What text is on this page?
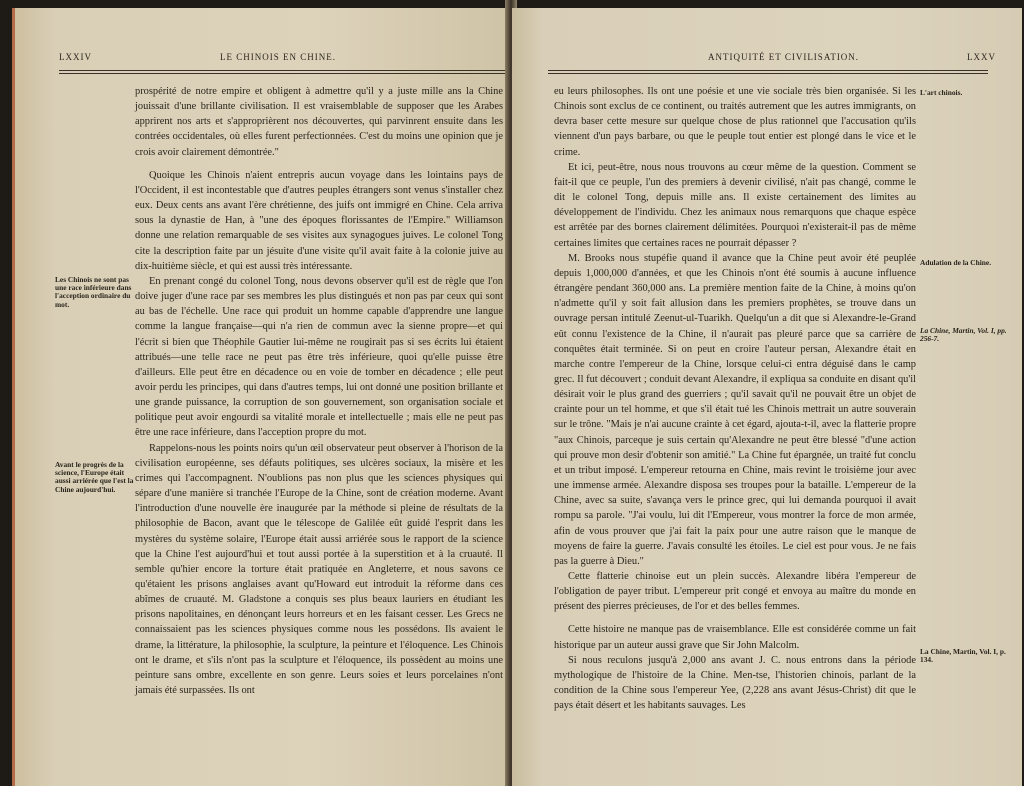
LXXIV	LE CHINOIS EN CHINE.
Les Chinois ne sont pas une race inférieure dans l'acception ordinaire du mot.
Avant le progrès de la science, l'Europe était aussi arriérée que l'est la Chine aujourd'hui.

prospérité de notre empire et obligent à admettre qu'il y a juste mille ans la Chine jouissait d'une brillante civilisation. Il est vraisemblable de supposer que les Arabes apprirent nos arts et s'approprièrent nos découvertes, qui parvinrent ensuite dans les contrées occidentales, où elles furent perfectionnées. C'est du moins une opinion que je crois avoir clairement démontrée."

Quoique les Chinois n'aient entrepris aucun voyage dans les lointains pays de l'Occident, il est incontestable que d'autres peuples étrangers sont venus s'installer chez eux. Deux cents ans avant l'ère chrétienne, des juifs ont immigré en Chine. Cela arriva sous la dynastie de Han, à "une des époques florissantes de l'Empire." Williamson donne une relation remarquable de ses visites aux synagogues juives. Le colonel Tong cite la description faite par un jésuite d'une visite qu'il avait faite à la colonie juive au dix-huitième siècle, et qui est aussi très intéressante.

En prenant congé du colonel Tong, nous devons observer qu'il est de règle que l'on doive juger d'une race par ses membres les plus distingués et non pas par ceux qui sont au bas de l'échelle. Une race qui produit un homme capable d'apprendre une langue comme la langue française—qui n'a rien de commun avec la sienne propre—et qui l'écrit si bien que Théophile Gautier lui-même ne rougirait pas si ses écrits lui étaient attribués—une telle race ne peut pas être très inférieure, quoi qu'elle puisse être d'ailleurs. Elle peut être en décadence ou en voie de tomber en décadence ; elle peut avoir perdu les principes, qui dans d'autres temps, lui ont donné une position brillante et une grande puissance, la corruption de son gouvernement, son organisation sociale et politique peut avoir engourdi sa vitalité morale et intellectuelle ; mais elle ne peut pas être une race inférieure, dans l'acception propre du mot.

Rappelons-nous les points noirs qu'un œil observateur peut observer à l'horison de la civilisation européenne, ses défauts politiques, ses ulcères sociaux, la misère et les crimes qui l'accompagnent. N'oublions pas non plus que les sciences physiques qui sépare d'une manière si tranchée l'Europe de la Chine, sont de création moderne. Avant l'introduction d'une nouvelle ère inaugurée par la méthode si pleine de résultats de la philosophie de Bacon, avant que le télescope de Galilée eût guidé l'esprit dans les mystères du système solaire, l'Europe était aussi arriérée sous le rapport de la science que la Chine l'est aujourd'hui et tout aussi portée à la superstition et à la cruauté. Il semble qu'hier encore la torture était pratiquée en Angleterre, et nous savons ce qu'étaient les prisons anglaises avant qu'Howard eut introduit la réforme dans ces abîmes de cruauté. M. Gladstone a conquis ses plus beaux lauriers en étudiant les prisons napolitaines, en dénonçant leurs horreurs et en les faisant cesser. Les Grecs ne connaissaient pas les sciences physiques comme nous les possédons. Ils avaient le drame, la littérature, la philosophie, la sculpture, la peinture et l'éloquence. Les Chinois ont le drame, et s'ils n'ont pas la sculpture et l'éloquence, ils possèdent au moins une peinture sans ombre, excellente en son genre. Leurs soies et leurs porcelaines n'ont jamais été surpassées. Ils ont

ANTIQUITÉ ET CIVILISATION.	LXXV

eu leurs philosophes. Ils ont une poésie et une vie sociale très bien organisée. Si les Chinois sont exclus de ce continent, ou traités autrement que les autres immigrants, on devra baser cette mesure sur quelque chose de plus rationnel que l'accusation qu'ils viennent d'un pays barbare, ou que le peuple tout entier est plongé dans le vice et le crime.

Et ici, peut-être, nous nous trouvons au cœur même de la question. Comment se fait-il que ce peuple, l'un des premiers à devenir civilisé, n'ait pas changé, comme le dit le colonel Tong, depuis mille ans. Il existe certainement des limites au développement de l'individu. Chez les animaux nous remarquons que chaque espèce est arrêtée par des bornes clairement délimitées. Pourquoi n'existerait-il pas de même certaines limites que certaines races ne pourrait dépasser ?

M. Brooks nous stupéfie quand il avance que la Chine peut avoir été peuplée depuis 1,000,000 d'années, et que les Chinois n'ont été soumis à aucune influence étrangère pendant 360,000 ans. La première mention faite de la Chine, à moins qu'on n'admette qu'il y soit fait allusion dans les premiers prophètes, se trouve dans un ouvrage persan intitulé Zeenut-ul-Tuarikh. Quelqu'un a dit que si Alexandre-le-Grand eût connu l'existence de la Chine, il n'aurait pas pleuré parce que sa carrière de conquêtes était terminée. Si on peut en croire l'auteur persan, Alexandre était en marche contre l'empereur de la Chine, lorsque celui-ci entra déguisé dans le camp grec. Il fut découvert ; conduit devant Alexandre, il expliqua sa conduite en disant qu'il désirait voir le plus grand des guerriers ; qu'il savait qu'il ne pouvait être un objet de crainte pour un tel homme, et que s'il était tué les Chinois mettrait un autre souverain sur le trône. "Mais je n'ai aucune crainte à cet égard, ajouta-t-il, avec la flatterie propre "aux Chinois, parceque je suis certain qu'Alexandre ne peut être blessé "d'une action qui prouve mon desir d'obtenir son amitié." La Chine fut épargnée, un traité fut conclu et un tribut imposé. L'empereur retourna en Chine, mais revint le troisième jour avec une immense armée. Alexandre disposa ses troupes pour la bataille. L'empereur de la Chine, avec sa suite, s'avança vers le prince grec, qui lui demanda pourquoi il avait rompu sa parole. "J'ai voulu, lui dit l'Empereur, vous montrer la force de mon armée, afin de vous prouver que j'ai fait la paix pour une autre raison que le manque de moyens de faire la guerre. J'avais consulté les étoiles. Le ciel est pour vous. Je ne fais pas la guerre à Dieu."

Cette flatterie chinoise eut un plein succès. Alexandre libéra l'empereur de l'obligation de payer tribut. L'empereur prit congé et envoya au maître du monde en présent des pierres précieuses, de l'or et des belles femmes.

Cette histoire ne manque pas de vraisemblance. Elle est considérée comme un fait historique par un auteur aussi grave que Sir John Malcolm.

Si nous reculons jusqu'à 2,000 ans avant J. C. nous entrons dans la période mythologique de l'histoire de la Chine. Men-tse, l'historien chinois, parlant de la condition de la Chine sous l'empereur Yee, (2,228 ans avant Jésus-Christ) dit que le pays était désert et les habitants sauvages. Les

L'art chinois.
Adulation de la Chine.
La Chine, Martin, Vol. I, pp. 256-7.
La Chine, Martin, Vol. I, p. 134.
